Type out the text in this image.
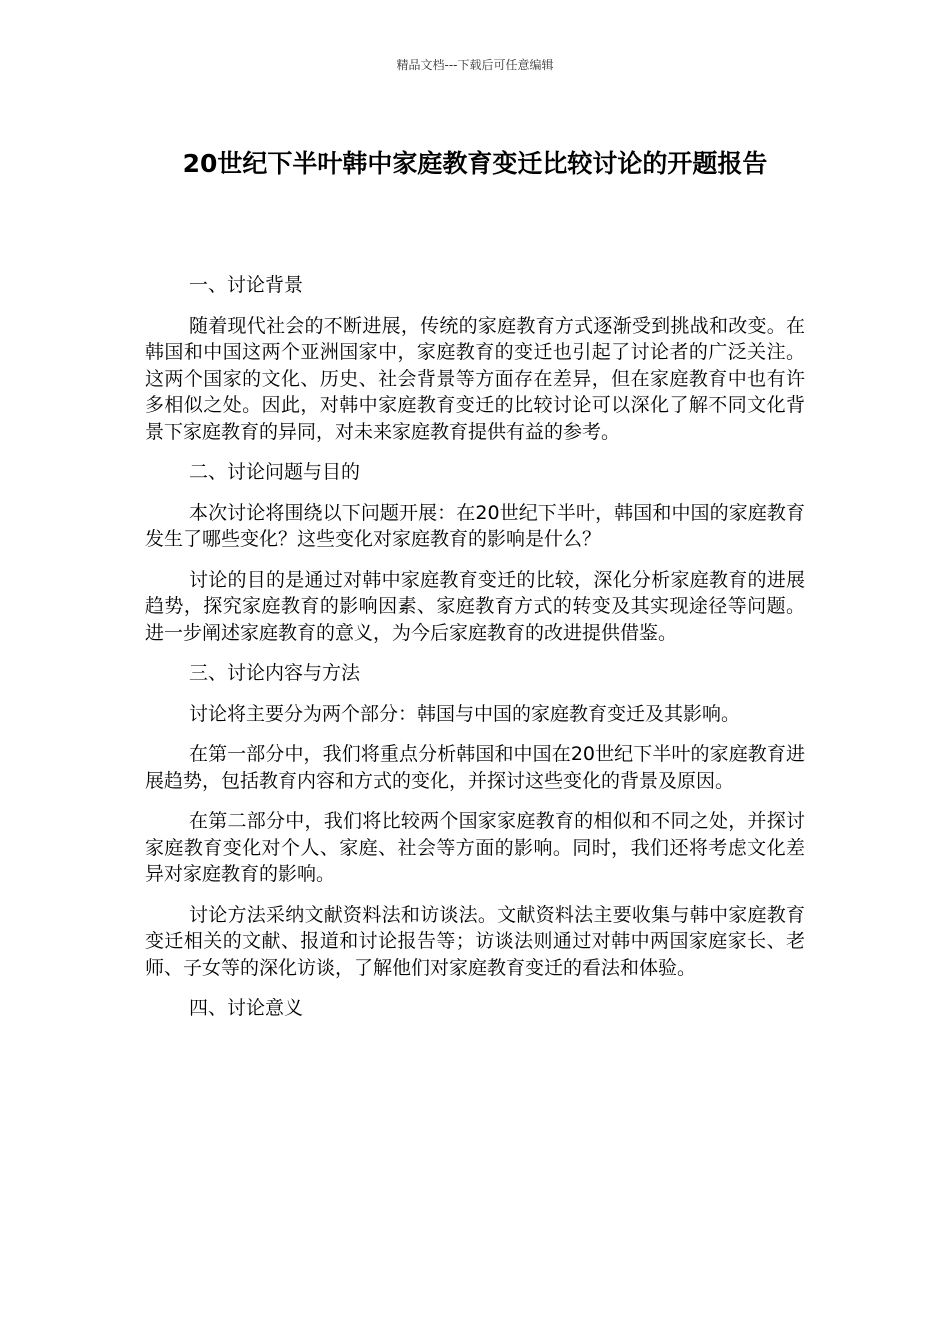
精品文档---下载后可任意编辑
20世纪下半叶韩中家庭教育变迁比较讨论的开题报告

一、讨论背景

随着现代社会的不断进展，传统的家庭教育方式逐渐受到挑战和改变。在韩国和中国这两个亚洲国家中，家庭教育的变迁也引起了讨论者的广泛关注。这两个国家的文化、历史、社会背景等方面存在差异，但在家庭教育中也有许多相似之处。因此，对韩中家庭教育变迁的比较讨论可以深化了解不同文化背景下家庭教育的异同，对未来家庭教育提供有益的参考。

二、讨论问题与目的

本次讨论将围绕以下问题开展：在20世纪下半叶，韩国和中国的家庭教育发生了哪些变化？这些变化对家庭教育的影响是什么？

讨论的目的是通过对韩中家庭教育变迁的比较，深化分析家庭教育的进展趋势，探究家庭教育的影响因素、家庭教育方式的转变及其实现途径等问题。进一步阐述家庭教育的意义，为今后家庭教育的改进提供借鉴。

三、讨论内容与方法

讨论将主要分为两个部分：韩国与中国的家庭教育变迁及其影响。

在第一部分中，我们将重点分析韩国和中国在20世纪下半叶的家庭教育进展趋势，包括教育内容和方式的变化，并探讨这些变化的背景及原因。

在第二部分中，我们将比较两个国家家庭教育的相似和不同之处，并探讨家庭教育变化对个人、家庭、社会等方面的影响。同时，我们还将考虑文化差异对家庭教育的影响。

讨论方法采纳文献资料法和访谈法。文献资料法主要收集与韩中家庭教育变迁相关的文献、报道和讨论报告等；访谈法则通过对韩中两国家庭家长、老师、子女等的深化访谈，了解他们对家庭教育变迁的看法和体验。

四、讨论意义
